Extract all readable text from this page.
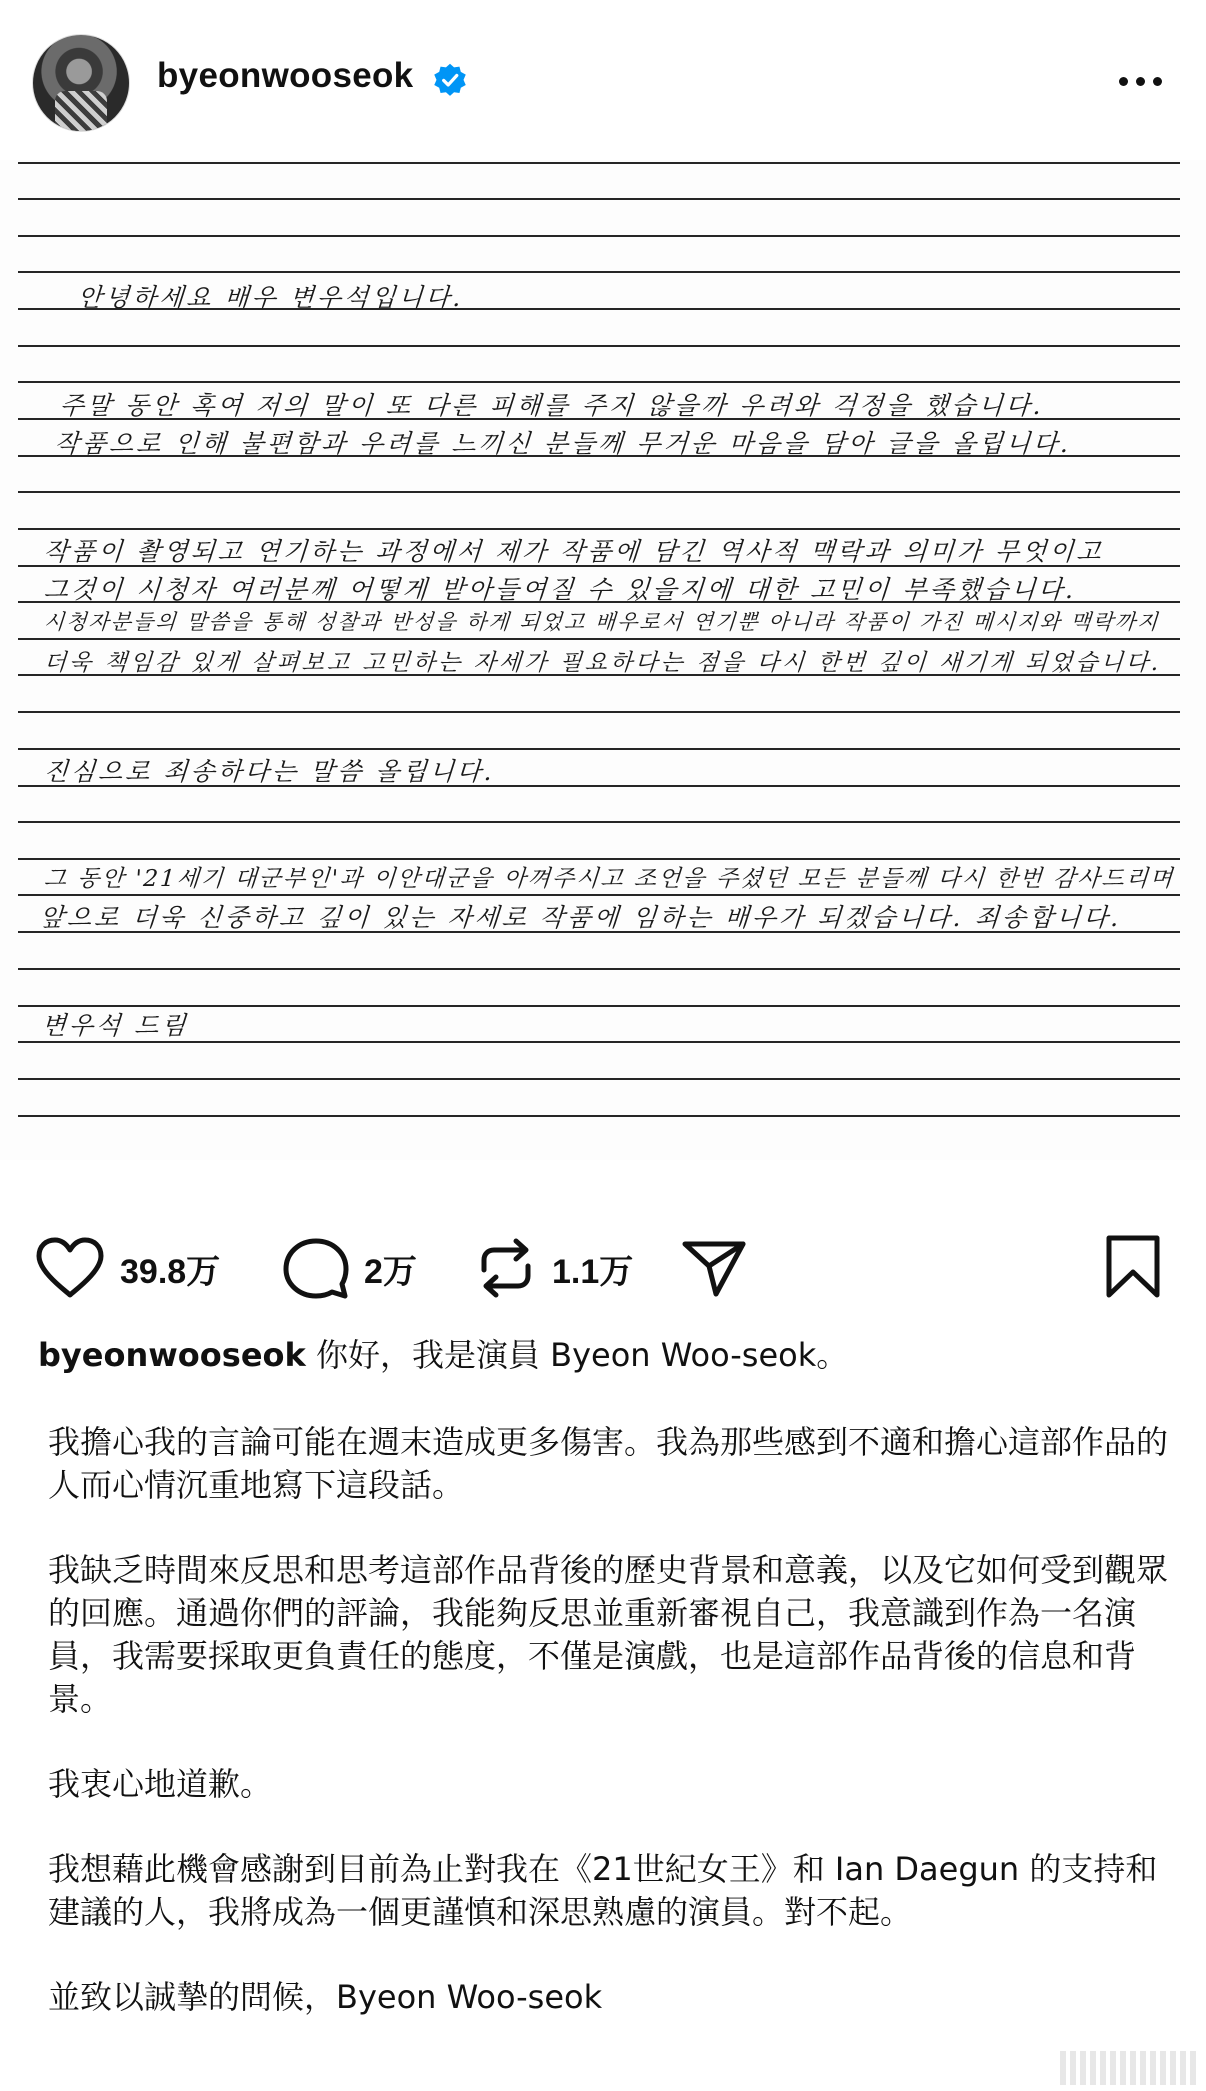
byeonwooseok
안녕하세요 배우 변우석입니다.
주말 동안 혹여 저의 말이 또 다른 피해를 주지 않을까 우려와 걱정을 했습니다.
작품으로 인해 불편함과 우려를 느끼신 분들께 무거운 마음을 담아 글을 올립니다.
작품이 촬영되고 연기하는 과정에서 제가 작품에 담긴 역사적 맥락과 의미가 무엇이고
그것이 시청자 여러분께 어떻게 받아들여질 수 있을지에 대한 고민이 부족했습니다.
시청자분들의 말씀을 통해 성찰과 반성을 하게 되었고 배우로서 연기뿐 아니라 작품이 가진 메시지와 맥락까지
더욱 책임감 있게 살펴보고 고민하는 자세가 필요하다는 점을 다시 한번 깊이 새기게 되었습니다.
진심으로 죄송하다는 말씀 올립니다.
그 동안 '21세기 대군부인'과 이안대군을 아껴주시고 조언을 주셨던 모든 분들께 다시 한번 감사드리며
앞으로 더욱 신중하고 깊이 있는 자세로 작품에 임하는 배우가 되겠습니다. 죄송합니다.
변우석 드림
39.8万	2万	1.1万

byeonwooseok 你好，我是演員 Byeon Woo-seok。

我擔心我的言論可能在週末造成更多傷害。我為那些感到不適和擔心這部作品的人而心情沉重地寫下這段話。

我缺乏時間來反思和思考這部作品背後的歷史背景和意義，以及它如何受到觀眾的回應。通過你們的評論，我能夠反思並重新審視自己，我意識到作為一名演員，我需要採取更負責任的態度，不僅是演戲，也是這部作品背後的信息和背景。

我衷心地道歉。

我想藉此機會感謝到目前為止對我在《21世紀女王》和 Ian Daegun 的支持和建議的人，我將成為一個更謹慎和深思熟慮的演員。對不起。

並致以誠摯的問候，Byeon Woo-seok
